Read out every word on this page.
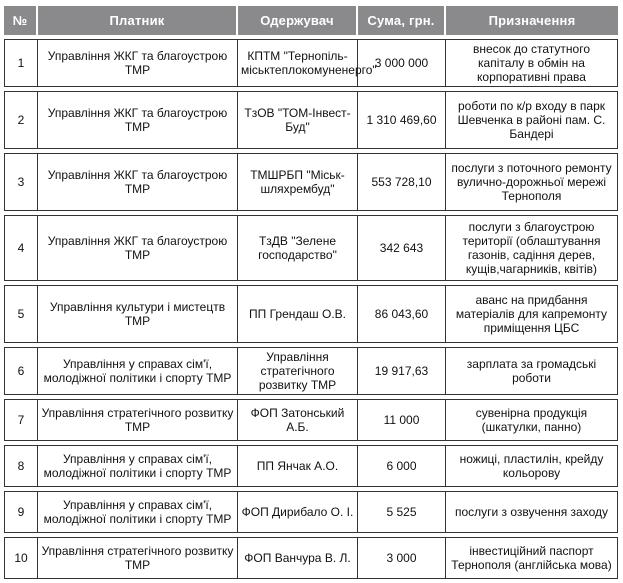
№	Платник	Одержувач	Сума, грн.	Призначення
1	Управління ЖКГ та благоустрою ТМР	КПТМ "Тернопіль-міськтеплокомуненерго"	3 000 000	внесок до статутного капіталу в обмін на корпоративні права
2	Управління ЖКГ та благоустрою ТМР	ТзОВ "ТОМ-Інвест-Буд"	1 310 469,60	роботи по к/р входу в парк Шевченка в районі пам. С. Бандері
3	Управління ЖКГ та благоустрою ТМР	ТМШРБП "Міськ-шляхрембуд"	553 728,10	послуги з поточного ремонту вулично-дорожньої мережі Тернополя
4	Управління ЖКГ та благоустрою ТМР	ТзДВ "Зелене господарство"	342 643	послуги з благоустрою території (облаштування газонів, садіння дерев, кущів,чагарників, квітів)
5	Управління культури і мистецтв ТМР	ПП Грендаш О.В.	86 043,60	аванс на придбання матеріалів для капремонту приміщення ЦБС
6	Управління у справах сім'ї, молодіжної політики і спорту ТМР	Управління стратегічного розвитку ТМР	19 917,63	зарплата за громадські роботи
7	Управління стратегічного розвитку ТМР	ФОП Затонський А.Б.	11 000	сувенірна продукція (шкатулки, панно)
8	Управління у справах сім'ї, молодіжної політики і спорту ТМР	ПП Янчак А.О.	6 000	ножиці, пластилін, крейду кольорову
9	Управління у справах сім'ї, молодіжної політики і спорту ТМР	ФОП Дирибало О. І.	5 525	послуги з озвучення заходу
10	Управління стратегічного розвитку ТМР	ФОП Ванчура В. Л.	3 000	інвестиційний паспорт Тернополя (англійська мова)
